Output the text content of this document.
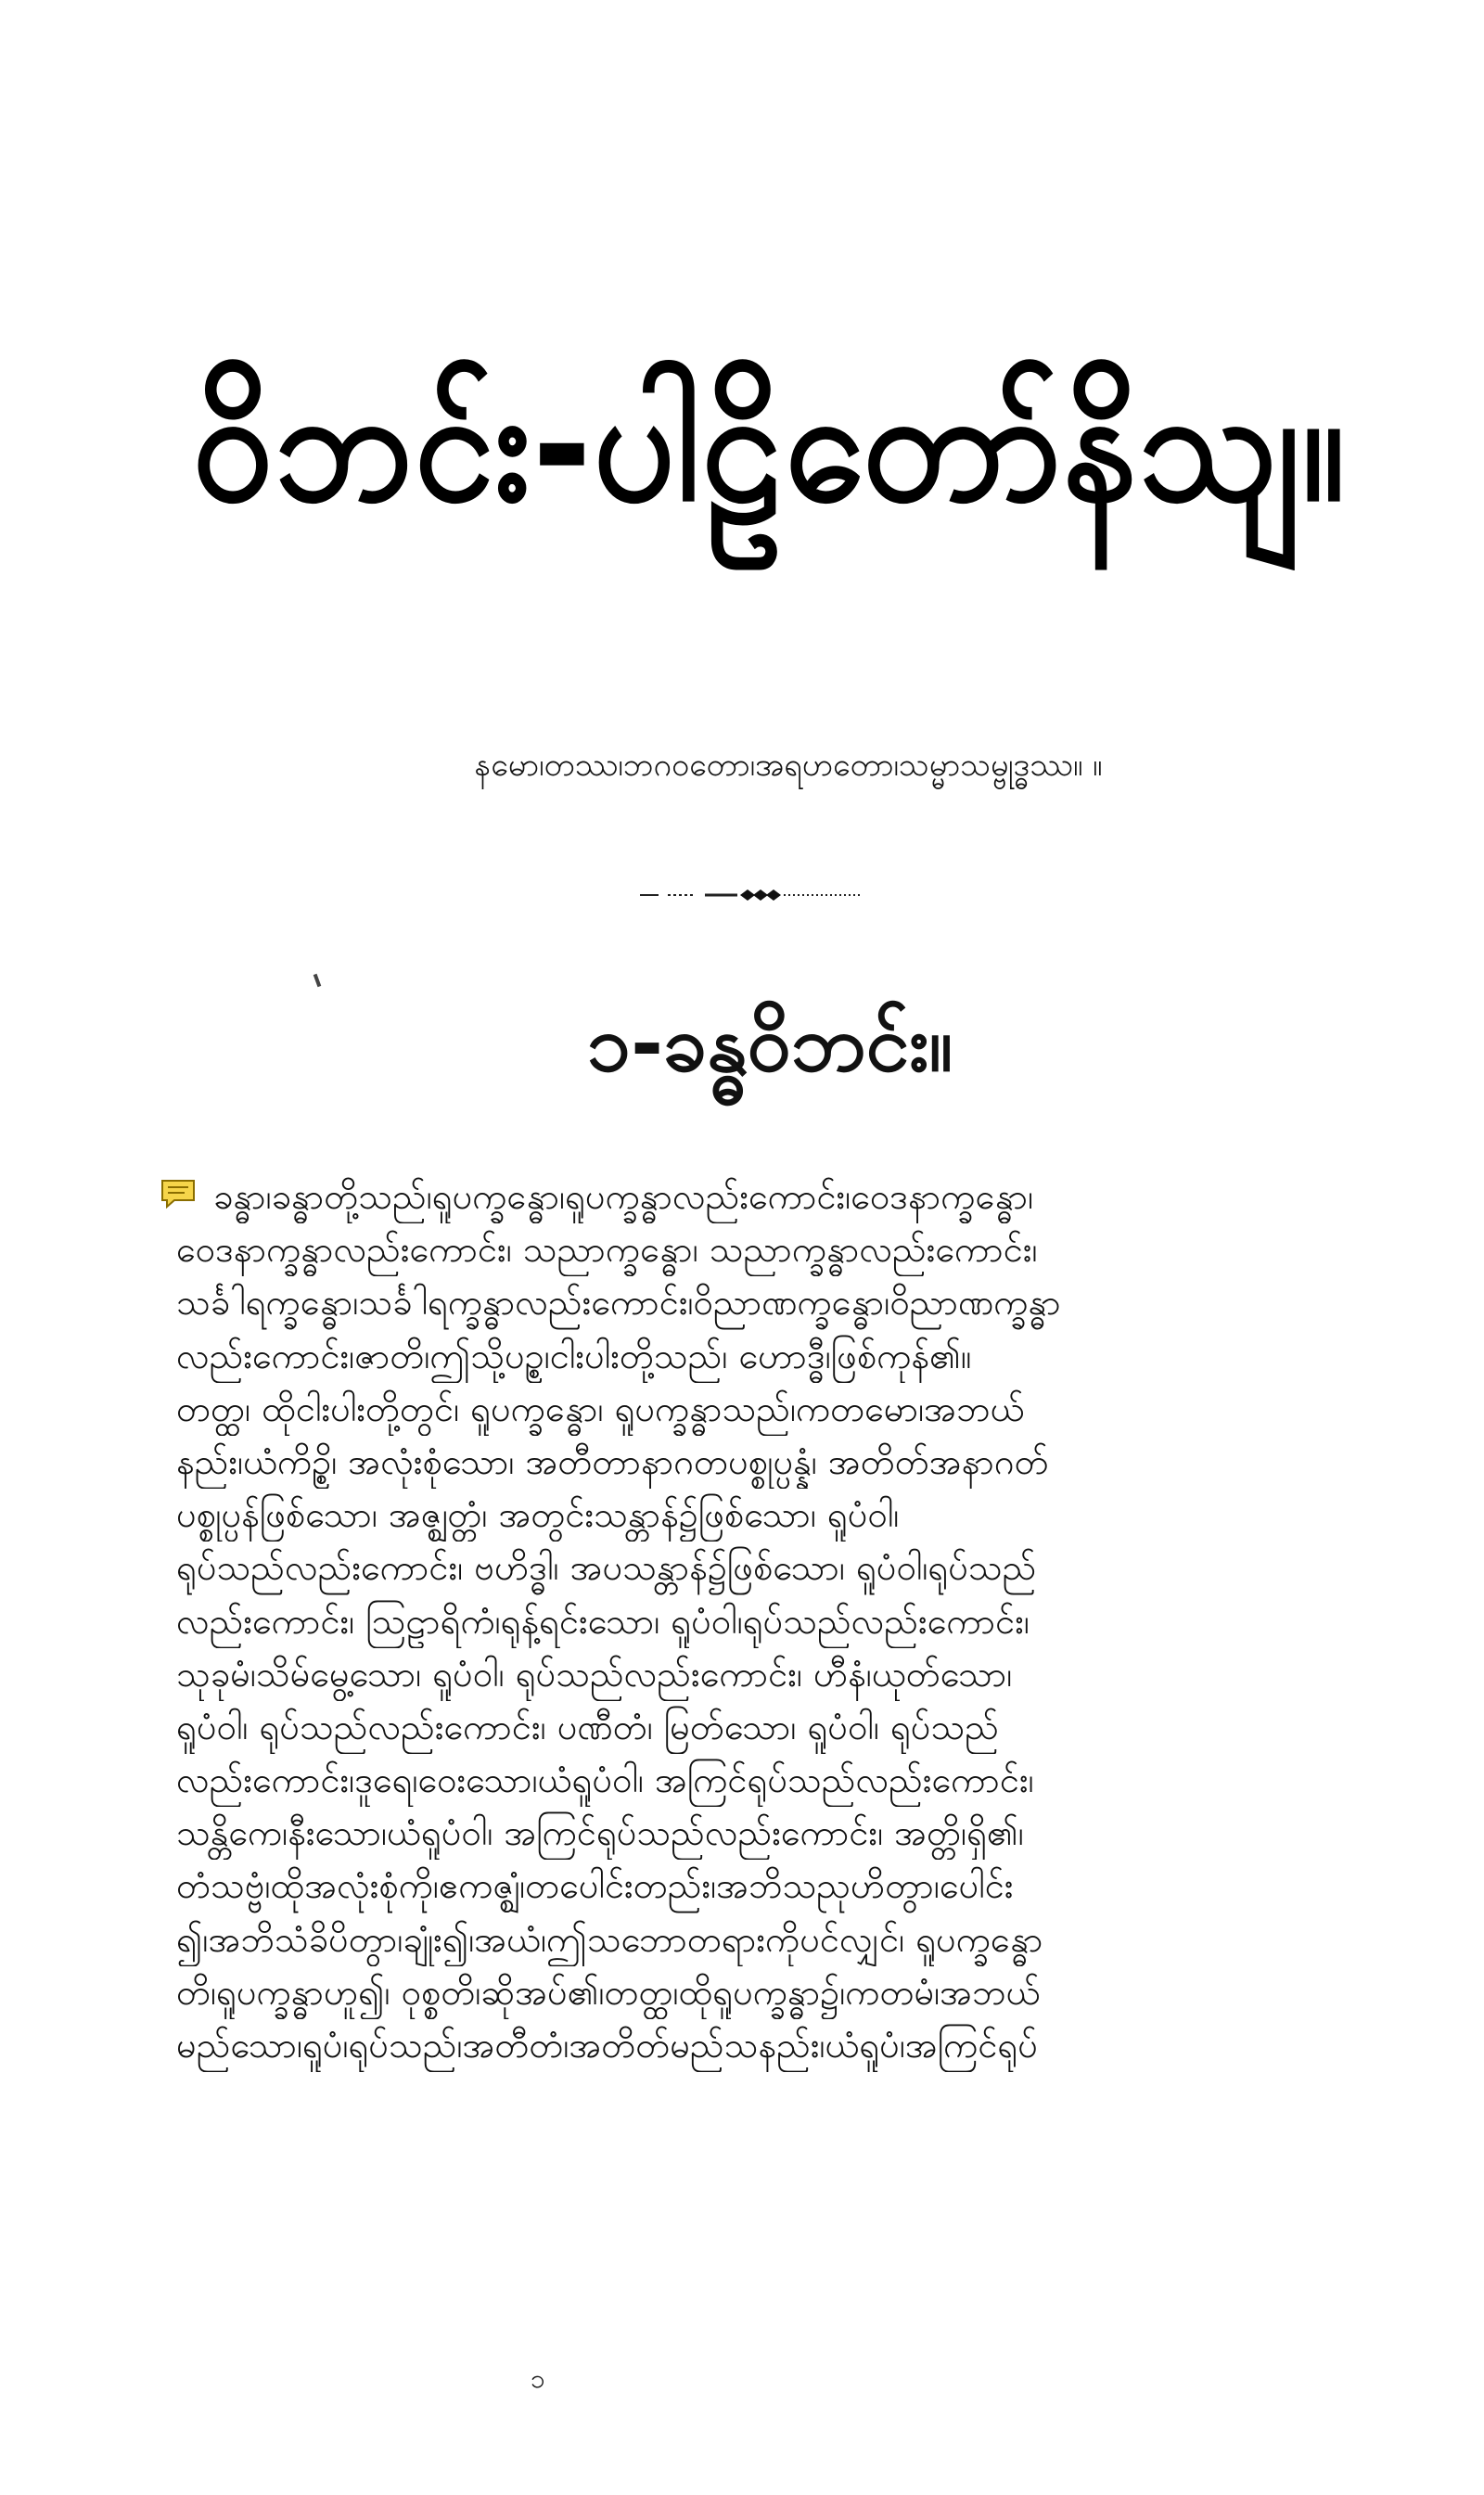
ဝိဘင်း-ပါဠိတော်နိသျ။
နမော၊တဿ၊ဘဂဝတော၊အရဟတော၊သမ္မာသမ္ဗုဒ္ဓဿ။ ။
၁-ခန္ဓဝိဘင်း။
ခန္ဓာ၊ခန္ဓာတို့သည်၊ရူပက္ခန္ဓော၊ရူပက္ခန္ဓာလည်းကောင်း၊ဝေဒနာက္ခန္ဓော၊
ဝေဒနာက္ခန္ဓာလည်းကောင်း၊ သညာက္ခန္ဓော၊ သညာက္ခန္ဓာလည်းကောင်း၊
သင်္ခါရက္ခန္ဓော၊သင်္ခါရက္ခန္ဓာလည်းကောင်း၊ဝိညာဏက္ခန္ဓော၊ဝိညာဏက္ခန္ဓာ
လည်းကောင်း၊ဇာတိ၊ဤသို့ပဉ္စ၊ငါးပါးတို့သည်၊ ဟောဒ္ဓီ၊ဖြစ်ကုန်၏။
တတ္ထ၊ ထိုငါးပါးတို့တွင်၊ ရူပက္ခန္ဓော၊ ရူပက္ခန္ဓာသည်၊ကတမော၊အဘယ်
နည်း၊ယံကိဉ္စိ၊ အလုံးစုံသော၊ အတီတာနာဂတပစ္စုပ္ပန္နံ၊ အတိတ်အနာဂတ်
ပစ္စုပ္ပန်ဖြစ်သော၊ အဇ္ဈတ္တံ၊ အတွင်းသန္တာန်၌ဖြစ်သော၊ ရူပံဝါ၊
ရုပ်သည်လည်းကောင်း၊ ဗဟိဒ္ဓါ၊ အပသန္တာန်၌ဖြစ်သော၊ ရူပံဝါ၊ရုပ်သည်
လည်းကောင်း၊ ဩဠာရိကံ၊ရုန့်ရင်းသော၊ ရူပံဝါ၊ရုပ်သည်လည်းကောင်း၊
သုခုမံ၊သိမ်မွေ့သော၊ ရူပံဝါ၊ ရုပ်သည်လည်းကောင်း၊ ဟီနံ၊ယုတ်သော၊
ရူပံဝါ၊ ရုပ်သည်လည်းကောင်း၊ ပဏီတံ၊ မြတ်သော၊ ရူပံဝါ၊ ရုပ်သည်
လည်းကောင်း၊ဒူရေ၊ဝေးသော၊ယံရူပံဝါ၊ အကြင်ရုပ်သည်လည်းကောင်း၊
သန္တိကေ၊နီးသော၊ယံရူပံဝါ၊ အကြင်ရုပ်သည်လည်းကောင်း၊ အတ္တိ၊ရှိ၏၊
တံသဗ္ဗံ၊ထိုအလုံးစုံကို၊ဧကဇ္ဈံ၊တပေါင်းတည်း၊အဘိသညုဟိတွာ၊ပေါင်း
၍၊အဘိသံခိပိတွာ၊ချုံး၍၊အယံ၊ဤသဘောတရားကိုပင်လျှင်၊ ရူပက္ခန္ဓော
တိ၊ရူပက္ခန္ဓာဟူ၍၊ ဝုစ္စတိ၊ဆိုအပ်၏၊တတ္ထ၊ထိုရူပက္ခန္ဓာ၌၊ကတမံ၊အဘယ်
မည်သော၊ရူပံ၊ရုပ်သည်၊အတီတံ၊အတိတ်မည်သနည်း၊ယံရူပံ၊အကြင်ရုပ်
၁
